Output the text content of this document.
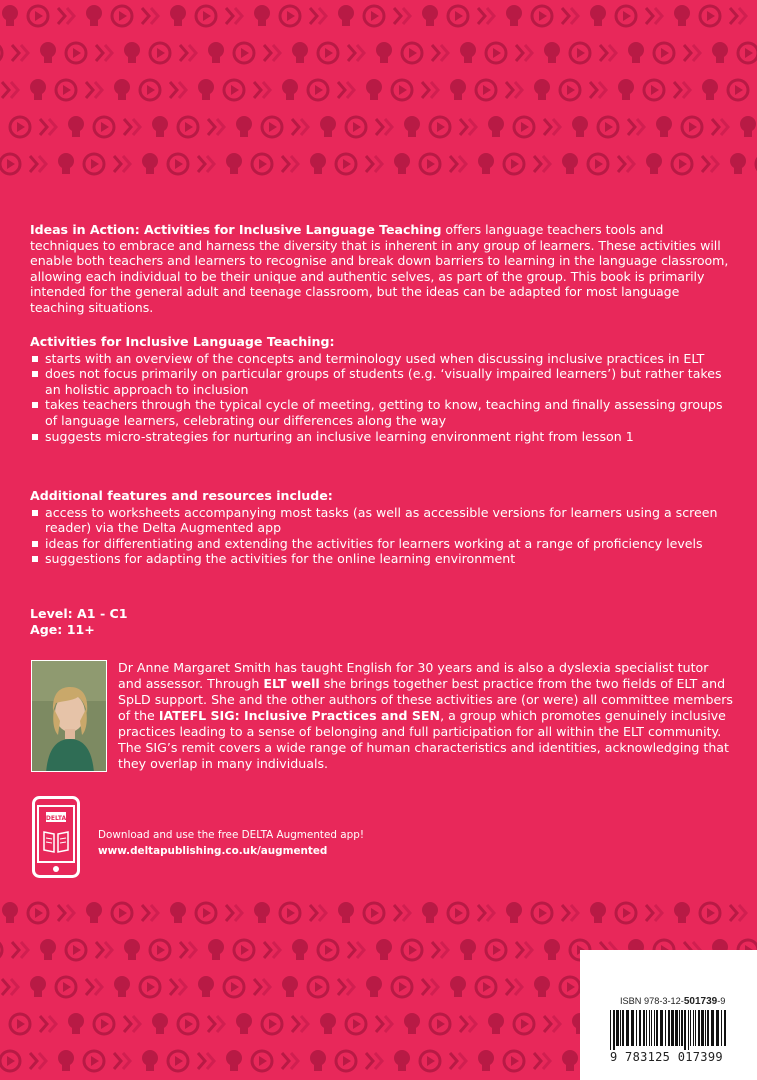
Ideas in Action: Activities for Inclusive Language Teaching offers language teachers tools and techniques to embrace and harness the diversity that is inherent in any group of learners. These activities will enable both teachers and learners to recognise and break down barriers to learning in the language classroom, allowing each individual to be their unique and authentic selves, as part of the group. This book is primarily intended for the general adult and teenage classroom, but the ideas can be adapted for most language teaching situations.

Activities for Inclusive Language Teaching:
starts with an overview of the concepts and terminology used when discussing inclusive practices in ELT
does not focus primarily on particular groups of students (e.g. ‘visually impaired learners’) but rather takes an holistic approach to inclusion
takes teachers through the typical cycle of meeting, getting to know, teaching and finally assessing groups of language learners, celebrating our differences along the way
suggests micro-strategies for nurturing an inclusive learning environment right from lesson 1
Additional features and resources include:
access to worksheets accompanying most tasks (as well as accessible versions for learners using a screen reader) via the Delta Augmented app
ideas for differentiating and extending the activities for learners working at a range of proficiency levels
suggestions for adapting the activities for the online learning environment
Level: A1 - C1
Age: 11+
Dr Anne Margaret Smith has taught English for 30 years and is also a dyslexia specialist tutor and assessor. Through ELT well she brings together best practice from the two fields of ELT and SpLD support. She and the other authors of these activities are (or were) all committee members of the IATEFL SIG: Inclusive Practices and SEN, a group which promotes genuinely inclusive practices leading to a sense of belonging and full participation for all within the ELT community. The SIG’s remit covers a wide range of human characteristics and identities, acknowledging that they overlap in many individuals.
DELTA
Download and use the free DELTA Augmented app!
www.deltapublishing.co.uk/augmented
ISBN 978-3-12-501739-9
9 783125 017399
